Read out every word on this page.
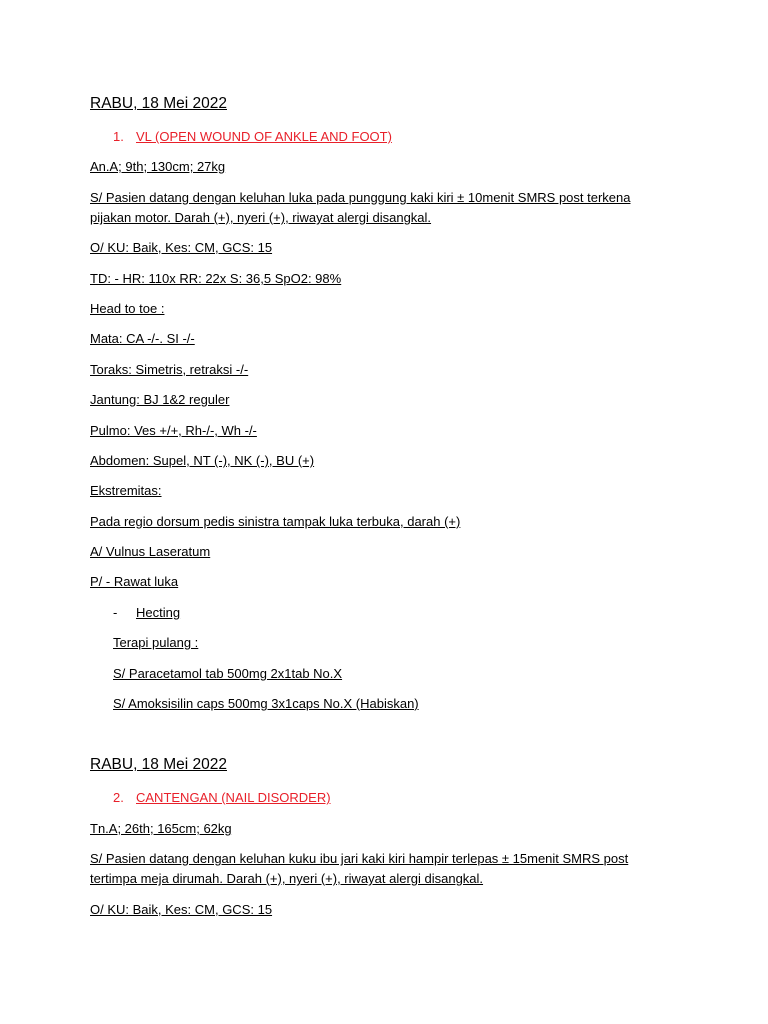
RABU, 18 Mei 2022
1. VL (OPEN WOUND OF ANKLE AND FOOT)
An.A; 9th; 130cm; 27kg
S/ Pasien datang dengan keluhan luka pada punggung kaki kiri ± 10menit SMRS post terkena
pijakan motor. Darah (+), nyeri (+), riwayat alergi disangkal.
O/ KU: Baik, Kes: CM, GCS: 15
TD: - HR: 110x RR: 22x S: 36,5 SpO2: 98%
Head to toe :
Mata: CA -/-. SI -/-
Toraks: Simetris, retraksi -/-
Jantung: BJ 1&2 reguler
Pulmo: Ves +/+, Rh-/-, Wh -/-
Abdomen: Supel, NT (-), NK (-), BU (+)
Ekstremitas:
Pada regio dorsum pedis sinistra tampak luka terbuka, darah (+)
A/ Vulnus Laseratum
P/ - Rawat luka
- Hecting
Terapi pulang :
S/ Paracetamol tab 500mg 2x1tab No.X
S/ Amoksisilin caps 500mg 3x1caps No.X (Habiskan)
RABU, 18 Mei 2022
2. CANTENGAN (NAIL DISORDER)
Tn.A; 26th; 165cm; 62kg
S/ Pasien datang dengan keluhan kuku ibu jari kaki kiri hampir terlepas ± 15menit SMRS post
tertimpa meja dirumah. Darah (+), nyeri (+), riwayat alergi disangkal.
O/ KU: Baik, Kes: CM, GCS: 15
